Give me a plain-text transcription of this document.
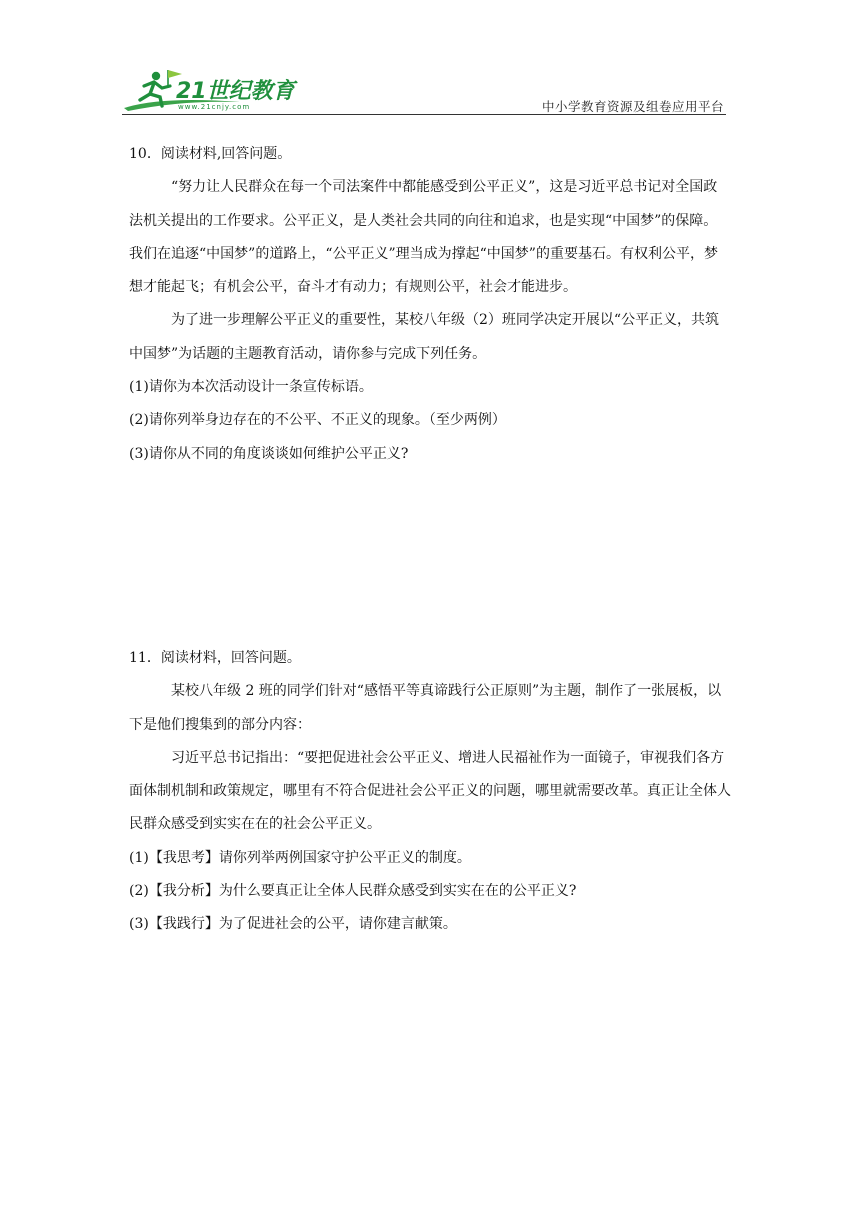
21世纪教育
www.21cnjy.com	中小学教育资源及组卷应用平台

10．阅读材料,回答问题。

“努力让人民群众在每一个司法案件中都能感受到公平正义”，这是习近平总书记对全国政法机关提出的工作要求。公平正义，是人类社会共同的向往和追求，也是实现“中国梦”的保障。我们在追逐“中国梦”的道路上，“公平正义”理当成为撑起“中国梦”的重要基石。有权利公平，梦想才能起飞；有机会公平，奋斗才有动力；有规则公平，社会才能进步。

为了进一步理解公平正义的重要性，某校八年级（2）班同学决定开展以“公平正义，共筑中国梦”为话题的主题教育活动，请你参与完成下列任务。

(1)请你为本次活动设计一条宣传标语。

(2)请你列举身边存在的不公平、不正义的现象。（至少两例）

(3)请你从不同的角度谈谈如何维护公平正义?

11．阅读材料，回答问题。

某校八年级 2 班的同学们针对“感悟平等真谛践行公正原则”为主题，制作了一张展板，以下是他们搜集到的部分内容：

习近平总书记指出：“要把促进社会公平正义、增进人民福祉作为一面镜子，审视我们各方面体制机制和政策规定，哪里有不符合促进社会公平正义的问题，哪里就需要改革。真正让全体人民群众感受到实实在在的社会公平正义。

(1)【我思考】请你列举两例国家守护公平正义的制度。

(2)【我分析】为什么要真正让全体人民群众感受到实实在在的公平正义?

(3)【我践行】为了促进社会的公平，请你建言献策。
